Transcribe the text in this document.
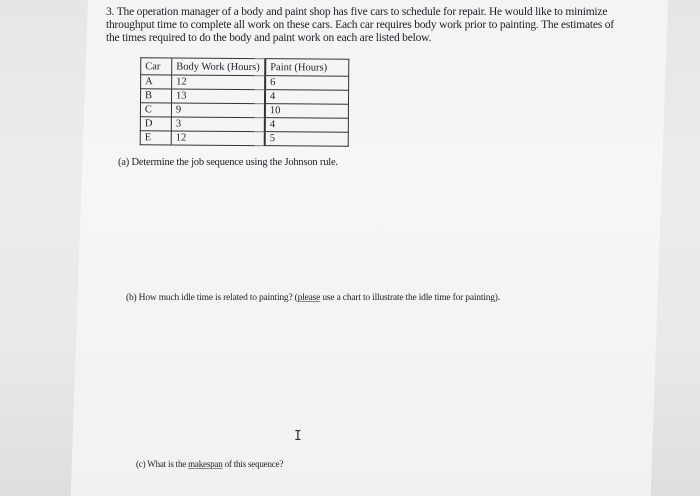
3. The operation manager of a body and paint shop has five cars to schedule for repair. He would like to minimize throughput time to complete all work on these cars. Each car requires body work prior to painting. The estimates of the times required to do the body and paint work on each are listed below.
Car	Body Work (Hours)	Paint (Hours)
A	12	6
B	13	4
C	9	10
D	3	4
E	12	5
(a) Determine the job sequence using the Johnson rule.
(b) How much idle time is related to painting? (please use a chart to illustrate the idle time for painting).
I
(c) What is the makespan of this sequence?
